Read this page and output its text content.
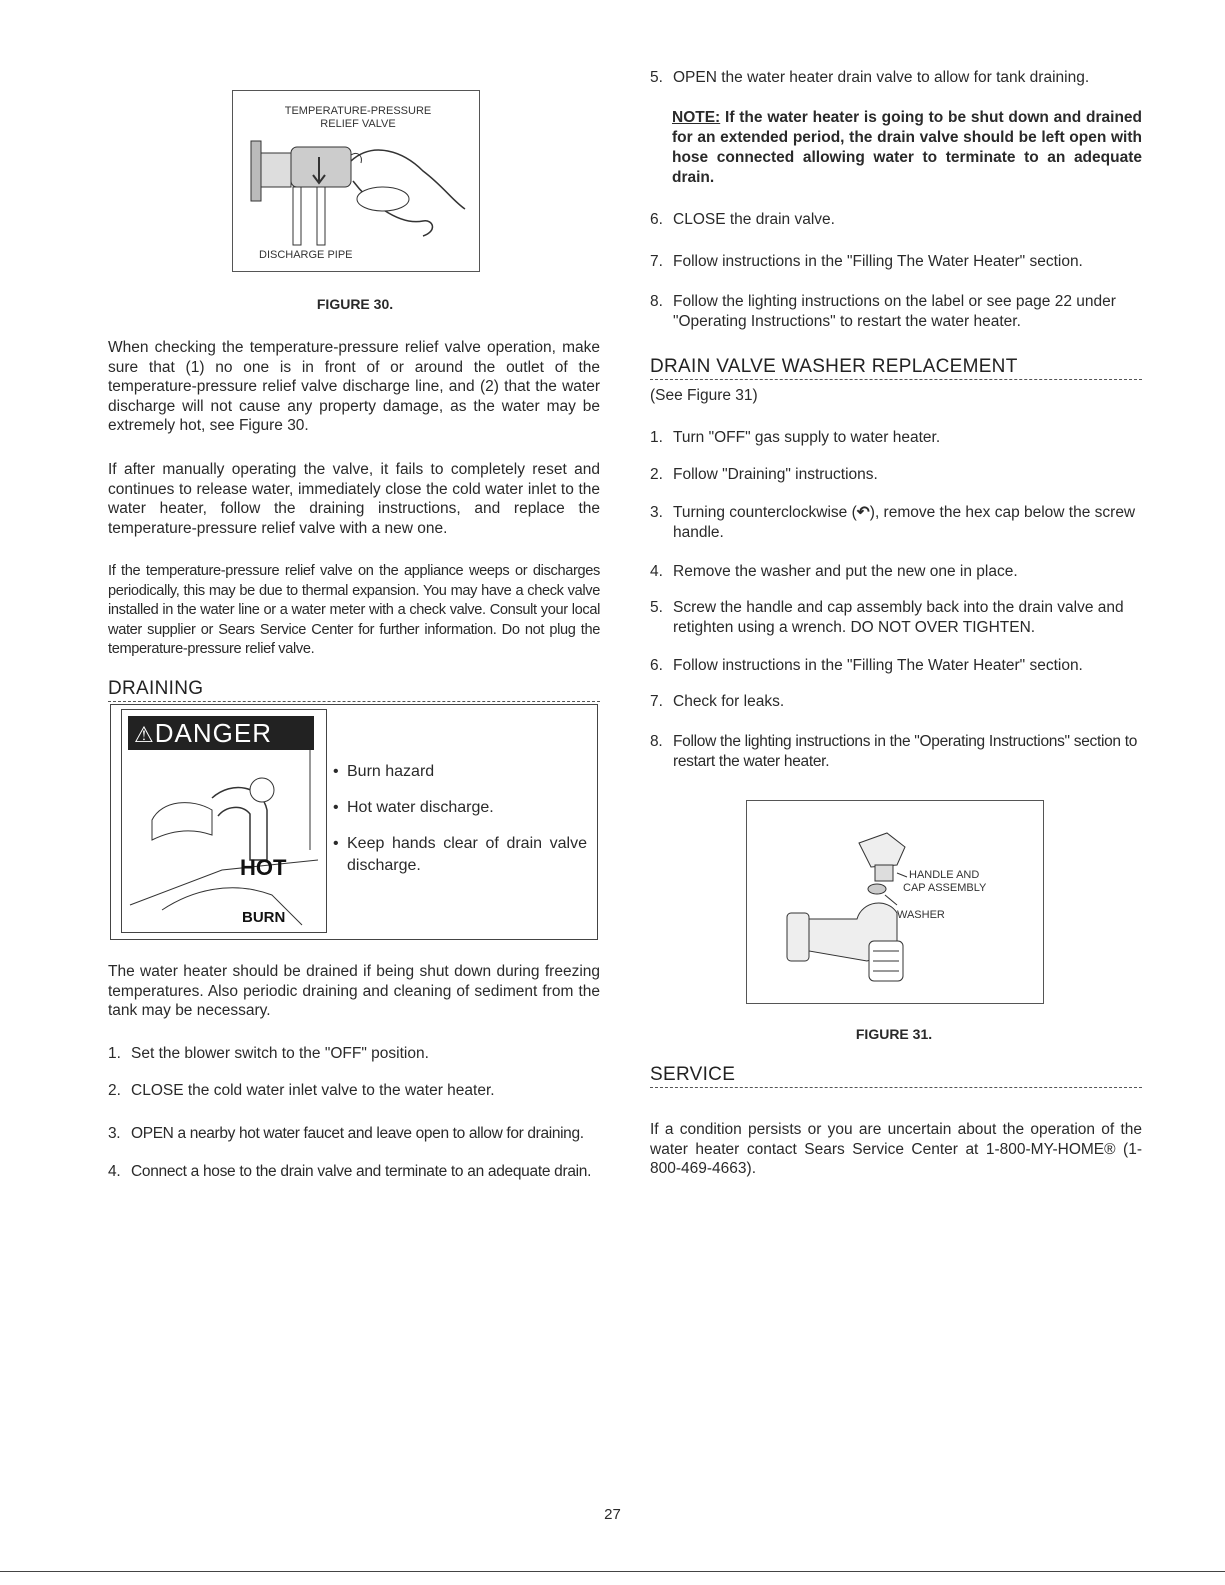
TEMPERATURE-PRESSURE
RELIEF VALVE
DISCHARGE PIPE
FIGURE 30.
When checking the temperature-pressure relief valve operation, make sure that (1) no one is in front of or around the outlet of the temperature-pressure relief valve discharge line, and (2) that the water discharge will not cause any property damage, as the water may be extremely hot, see Figure 30.
If after manually operating the valve, it fails to completely reset and continues to release water, immediately close the cold water inlet to the water heater, follow the draining instructions, and replace the temperature-pressure relief valve with a new one.
If the temperature-pressure relief valve on the appliance weeps or discharges periodically, this may be due to thermal expansion. You may have a check valve installed in the water line or a water meter with a check valve. Consult your local water supplier or Sears Service Center for further information. Do not plug the temperature-pressure relief valve.
DRAINING
⚠DANGER
HOT
BURN
• Burn hazard
• Hot water discharge.
• Keep hands clear of drain valve discharge.
The water heater should be drained if being shut down during freezing temperatures. Also periodic draining and cleaning of sediment from the tank may be necessary.
1. Set the blower switch to the "OFF" position.
2. CLOSE the cold water inlet valve to the water heater.
3. OPEN a nearby hot water faucet and leave open to allow for draining.
4. Connect a hose to the drain valve and terminate to an adequate drain.
5. OPEN the water heater drain valve to allow for tank draining.
NOTE: If the water heater is going to be shut down and drained for an extended period, the drain valve should be left open with hose connected allowing water to terminate to an adequate drain.
6. CLOSE the drain valve.
7. Follow instructions in the "Filling The Water Heater" section.
8. Follow the lighting instructions on the label or see page 22 under "Operating Instructions" to restart the water heater.
DRAIN VALVE WASHER REPLACEMENT
(See Figure 31)
1. Turn "OFF" gas supply to water heater.
2. Follow "Draining" instructions.
3. Turning counterclockwise (↶), remove the hex cap below the screw handle.
4. Remove the washer and put the new one in place.
5. Screw the handle and cap assembly back into the drain valve and retighten using a wrench. DO NOT OVER TIGHTEN.
6. Follow instructions in the "Filling The Water Heater" section.
7. Check for leaks.
8. Follow the lighting instructions in the "Operating Instructions" section to restart the water heater.
HANDLE AND
CAP ASSEMBLY
WASHER
FIGURE 31.
SERVICE
If a condition persists or you are uncertain about the operation of the water heater contact Sears Service Center at 1-800-MY-HOME® (1-800-469-4663).
27
